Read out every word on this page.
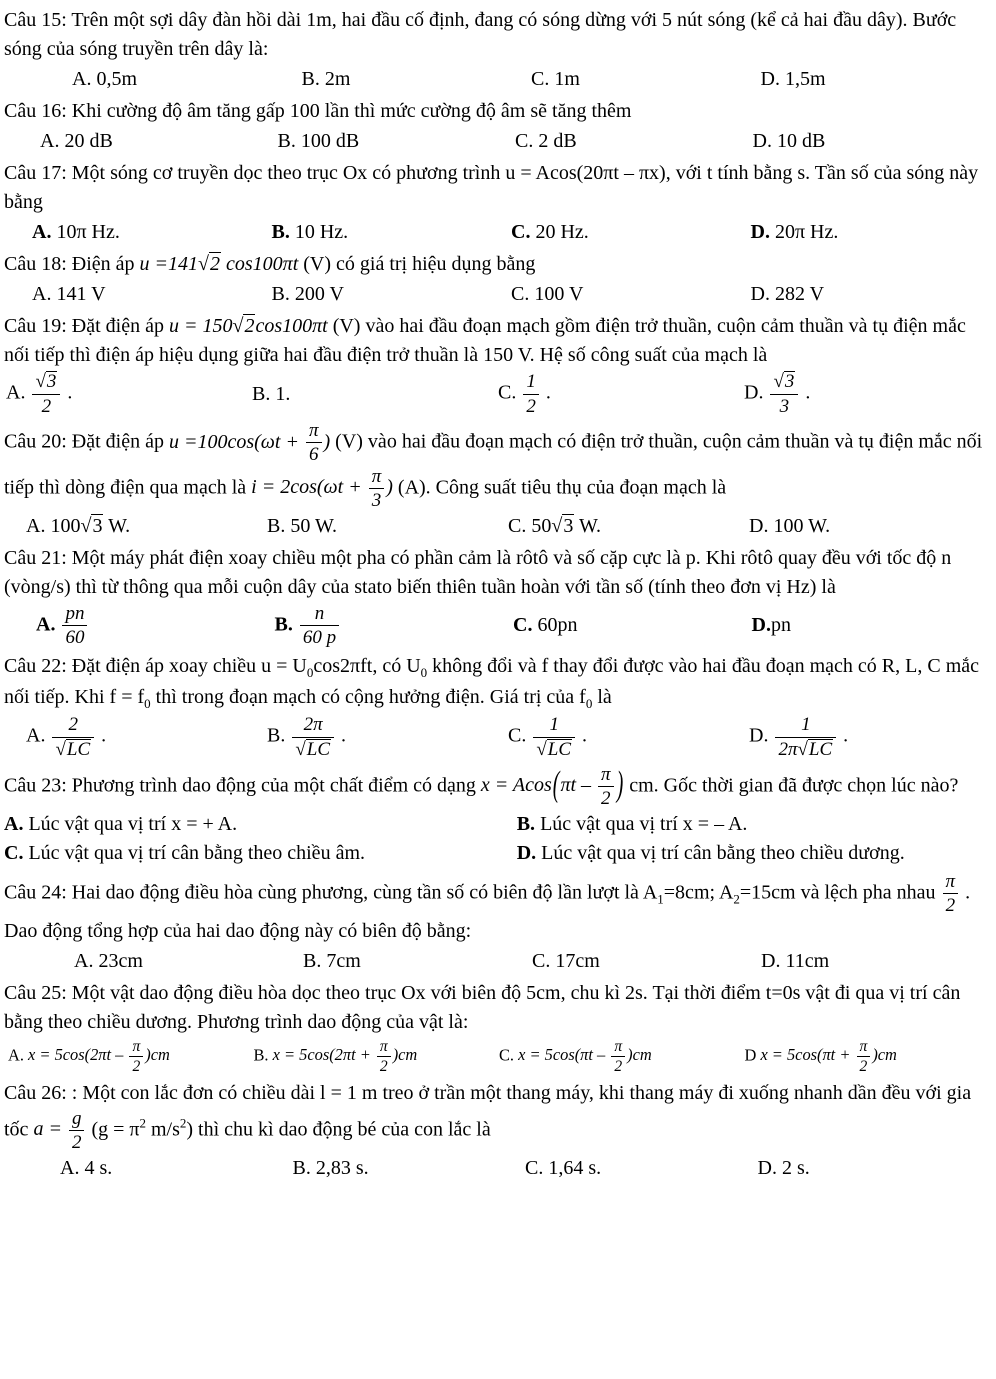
Câu 15: Trên một sợi dây đàn hồi dài 1m, hai đầu cố định, đang có sóng dừng với 5 nút sóng (kể cả hai đầu dây). Bước sóng của sóng truyền trên dây là:
A. 0,5m	B. 2m	C. 1m	D. 1,5m
Câu 16: Khi cường độ âm tăng gấp 100 lần thì mức cường độ âm sẽ tăng thêm
A. 20 dB	B. 100 dB	C. 2 dB	D. 10 dB
Câu 17: Một sóng cơ truyền dọc theo trục Ox có phương trình u = Acos(20πt – πx), với t tính bằng s. Tần số của sóng này bằng
A. 10π Hz.	B. 10 Hz.	C. 20 Hz.	D. 20π Hz.
Câu 18: Điện áp u =141√2 cos100πt (V) có giá trị hiệu dụng bằng
A. 141 V	B. 200 V	C. 100 V	D. 282 V
Câu 19: Đặt điện áp u = 150√2cos100πt (V) vào hai đầu đoạn mạch gồm điện trở thuần, cuộn cảm thuần và tụ điện mắc nối tiếp thì điện áp hiệu dụng giữa hai đầu điện trở thuần là 150 V. Hệ số công suất của mạch là
A. $\frac{√3}{2}$ .	B. 1.	C. $\frac{1}{2}$ .	D. $\frac{√3}{3}$ .
Câu 20: Đặt điện áp $u =100\cos(\omega t + \frac{\pi}{6}$ ) (V) vào hai đầu đoạn mạch có điện trở thuần, cuộn cảm thuần và tụ điện mắc nối tiếp thì dòng điện qua mạch là $i = 2\cos(\omega t + \frac{\pi}{3}$ ) (A). Công suất tiêu thụ của đoạn mạch là
A. 100√3 W.	B. 50 W.	C. 50√3 W.	D. 100 W.
Câu 21: Một máy phát điện xoay chiều một pha có phần cảm là rôtô và số cặp cực là p. Khi rôtô quay đều với tốc độ n (vòng/s) thì từ thông qua mỗi cuộn dây của stato biến thiên tuần hoàn với tần số (tính theo đơn vị Hz) là
A. $\frac{pn}{60}$	B. $\frac{n}{60 p}$	C. 60pn	D.pn
Câu 22: Đặt điện áp xoay chiều $u = U_0\cos 2\pi ft$, có $U_0$ không đổi và f thay đổi được vào hai đầu đoạn mạch có R, L, C mắc nối tiếp. Khi $f = f_0$ thì trong đoạn mạch có cộng hưởng điện. Giá trị của $f_0$ là
A. $\frac{2}{√LC}$ .	B. $\frac{2\pi}{√LC}$ .	C. $\frac{1}{√LC}$ .	D. $\frac{1}{2\pi√LC}$ .
Câu 23: Phương trình dao động của một chất điểm có dạng $x = Acos(\pi t - \frac{\pi}{2}$ ) cm. Gốc thời gian đã được chọn lúc nào?
A. Lúc vật qua vị trí x = + A.	B. Lúc vật qua vị trí x = – A.
C. Lúc vật qua vị trí cân bằng theo chiều âm.	D. Lúc vật qua vị trí cân bằng theo chiều dương.
Câu 24: Hai dao động điều hòa cùng phương, cùng tần số có biên độ lần lượt là $A_1=8cm$; $A_2=15cm$ và lệch pha nhau $\frac{\pi}{2}$ . Dao động tổng hợp của hai dao động này có biên độ bằng:
A. 23cm	B. 7cm	C. 17cm	D. 11cm
Câu 25: Một vật dao động điều hòa dọc theo trục Ox với biên độ 5cm, chu kì 2s. Tại thời điểm t=0s vật đi qua vị trí cân bằng theo chiều dương. Phương trình dao động của vật là:
A. $x = 5\cos(2\pi t - \frac{\pi}{2} )cm$	B. $x = 5\cos(2\pi t + \frac{\pi}{2} )cm$	C. $x = 5\cos(\pi t - \frac{\pi}{2} )cm$	D $x = 5\cos(\pi t + \frac{\pi}{2} )cm$
Câu 26: : Một con lắc đơn có chiều dài l = 1 m treo ở trần một thang máy, khi thang máy đi xuống nhanh dần đều với gia tốc $a = \frac{g}{2} (g = \pi^2$ $m/s^2$) thì chu kì dao động bé của con lắc là
A. 4 s.	B. 2,83 s.	C. 1,64 s.	D. 2 s.
